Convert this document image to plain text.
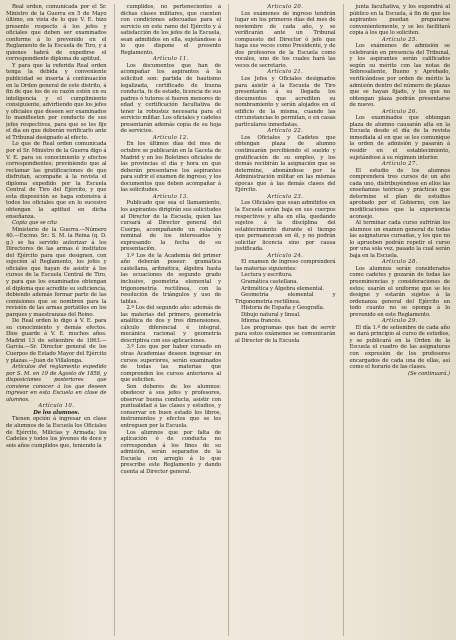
Real orden, comunicada por el Sr. Ministro de la Guerra en 5 de Mayo último, en vista de lo que V. E. hizo presente respecto á los jefes y oficiales que deben ser examinados conforme á lo prevenido en el Reglamento de la Escuela de Tiro, y á quienes habrá de expedirse el correspondiente diploma de aptitud.

Y para que la referida Real orden tenga la debida y conveniente publicidad se inserta á continuación en la Orden general de este distrito, á fin de que los de su razón estén en su inteligencia y el cumplimiento consiguiente, advirtiendo que los jefes y oficiales que deseen ser examinados lo manifiesten por conducto de sus jefes respectivos, para que se les fije el día en que deberán verificarlo ante el Tribunal designado al efecto.

Lo que de Real orden comunicada por el Sr. Ministro de la Guerra digo á V. E. para su conocimiento y efectos correspondientes; previniendo que al reclamar las gratificaciones de que disfrutan, acompañe á la revista el diploma expedido por la Escuela Central de Tiro del Ejército, y que esta disposición se haga extensiva á todos los oficiales que en lo sucesivo obtengan la aptitud en dicha enseñanza.

Copia que se cita

Ministerio de la Guerra.—Número 40.—Excmo. Sr.: S. M. la Reina (q. D. g.) se ha servido autorizar á los Directores de las armas é institutos del Ejército para que designen, con sujeción al Reglamento, los jefes y oficiales que hayan de asistir á los cursos de la Escuela Central de Tiro, y para que los examinados obtengan el diploma que acredite su suficiencia, debiendo además formar parte de las comisiones que se nombren para la revisión de las armas portátiles en los parques y maestranzas del Reino.

De Real orden lo digo á V. E. para su conocimiento y demás efectos. Dios guarde á V. E. muchos años. Madrid 13 de setiembre de 1863.—García.—Sr. Director general de los Cuerpos de Estado Mayor del Ejército y plazas.—Juan de Villalonga.

Artículos del reglamento expedido por S. M. en 19 de Agosto de 1858, y disposiciones posteriores que conviene conocer á los que deseen ingresar en esta Escuela en clase de alumnos.

Artículo 10.

De los alumnos.

Tienen opción á ingresar en clase de alumnos de la Escuela los Oficiales de Ejército, Milicias y Armada; los Cadetes y todos los jóvenes de doce y seis años cumplidos que, teniendo la

cumplidos, no pertenecientes á dichas clases militares, que cuenten con condiciones adecuadas para el servicio en este ramo del Ejército y á satisfacción de los jefes de la Escuela, sean admitidos en ella, sujetándose á lo que dispone el presente Reglamento.

Artículo 11.

Los documentos que han de acompañar los aspirantes á la solicitud son: partida de bautismo legalizada, certificado de buena conducta, fe de estado, licencia de sus padres ó tutores si fueren menores de edad y certificación facultativa de tener la robustez necesaria para el servicio militar. Los oficiales y cadetes presentarán además copia de su hoja de servicios.

Artículo 12.

En los últimos días del mes de octubre se publicarán en la Gaceta de Madrid y en los Boletines oficiales de las provincias el día y hora en que deberán presentarse los aspirantes para sufrir el examen de ingreso, y los documentos que deben acompañar á las solicitudes.

Artículo 13.

Publicado que sea el llamamiento, los aspirantes dirigirán sus solicitudes al Director de la Escuela, quien las cursará al Director general del Cuerpo, acompañando un relación nominal de los interesados y expresando la fecha de su presentación.

1.º Los de la Academia del primer año deberán poseer: gramática castellana, aritmética, álgebra hasta las ecuaciones de segundo grado inclusive, geometría elemental y trigonometría rectilínea, con la resolución de triángulos y uso de tablas.

2.º Los del segundo año: además de las materias del primero, geometría analítica de dos y tres dimensiones, cálculo diferencial é integral, mecánica racional y geometría descriptiva con sus aplicaciones.

3.º Los que por haber cursado en otras Academias deseen ingresar en cursos superiores, serán examinados de todas las materias que comprenden los cursos anteriores al que soliciten.

Son deberes de los alumnos: obedecer á sus jefes y profesores, observar buena conducta, asistir con puntualidad á las clases y estudios, y conservar en buen estado los libros, instrumentos y efectos que se les entreguen por la Escuela.

Los alumnos que por falta de aplicación ó de conducta no correspondan á los fines de su admisión, serán separados de la Escuela con arreglo á lo que prescribe este Reglamento y dando cuenta al Director general.

Artículo 20.

Los exámenes de ingreso tendrán lugar en los primeros días del mes de noviembre de cada año, y se verificarán ante un Tribunal compuesto del Director ó jefe que haga sus veces como Presidente, y de dos profesores de la Escuela como vocales, uno de los cuales hará las veces de secretario.

Artículo 21.

Los Jefes y Oficiales designados para asistir á la Escuela de Tiro presentarán á su llegada los documentos que acrediten su nombramiento y serán alojados en el edificio de la misma, cuando las circunstancias lo permitan, o en casas particulares inmediatas.

Artículo 22.

Los Oficiales y Cadetes que obtengan plaza de alumno continuarán percibiendo el sueldo y gratificación de su empleo, y los demás recibirán la asignación que se determine, abonándose por la Administración militar en las mismas épocas que á las demás clases del Ejército.

Artículo 23.

Los Oficiales que sean admitidos en la Escuela serán baja en sus cuerpos respectivos y alta en ella, quedando sujetos á la disciplina del establecimiento durante el tiempo que permanezcan en él, y no podrán solicitar licencia sino por causa justificada.

Artículo 24.

El examen de ingreso comprenderá las materias siguientes:

Lectura y escritura.

Gramática castellana.

Aritmética y Álgebra elemental.

Geometría elemental y Trigonometría rectilínea.

Historia de España y Geografía.

Dibujo natural y lineal.

Idioma francés.

Los programas que han de servir para estos exámenes se comunicarán al Director de la Escuela

junta facultativa, y los expondrá al público en la Escuela, á fin de que los aspirantes puedan prepararse convenientemente, y se les facilitará copia á los que lo soliciten.

Artículo 25.

Los exámenes de admisión se celebrarán en presencia del Tribunal, y los aspirantes serán calificados según su mérito con las notas de Sobresaliente, Bueno y Aprobado, verificándose por orden de mérito la admisión dentro del número de plazas que se hayan fijado, y los que no obtengan plaza podrán presentarse de nuevo.

Artículo 26.

Los examinados que obtengan plaza de alumno causarán alta en la Escuela desde el día de la revista inmediata al en que se les comunique la orden de admisión y pasarán á residir en el establecimiento, sujetándose á su régimen interior.

Artículo 27.

El estudio de los alumnos comprenderá tres cursos de un año cada uno, distribuyéndose en ellos las enseñanzas teóricas y prácticas que determine el plan de estudios aprobado por el Gobierno, con las modificaciones que la experiencia aconseje.

Al terminar cada curso sufrirán los alumnos un examen general de todas las asignaturas cursadas, y los que no lo aprueben podrán repetir el curso por una sola vez, pasado la cual serán baja en la Escuela.

Artículo 28.

Los alumnos serán considerados como cadetes y gozarán de todas las preeminencias y consideraciones de estos; usarán el uniforme que se les designe y estarán sujetos á la ordenanza general del Ejército en todo cuanto no se oponga á lo prevenido en este Reglamento.

Artículo 29.

El día 1.º de setiembre de cada año se dará principio al curso de estudios, y se publicará en la Orden de la Escuela el cuadro de las asignaturas con expresión de los profesores encargados de cada una de ellas, así como el horario de las clases.

(Se continuará.)
